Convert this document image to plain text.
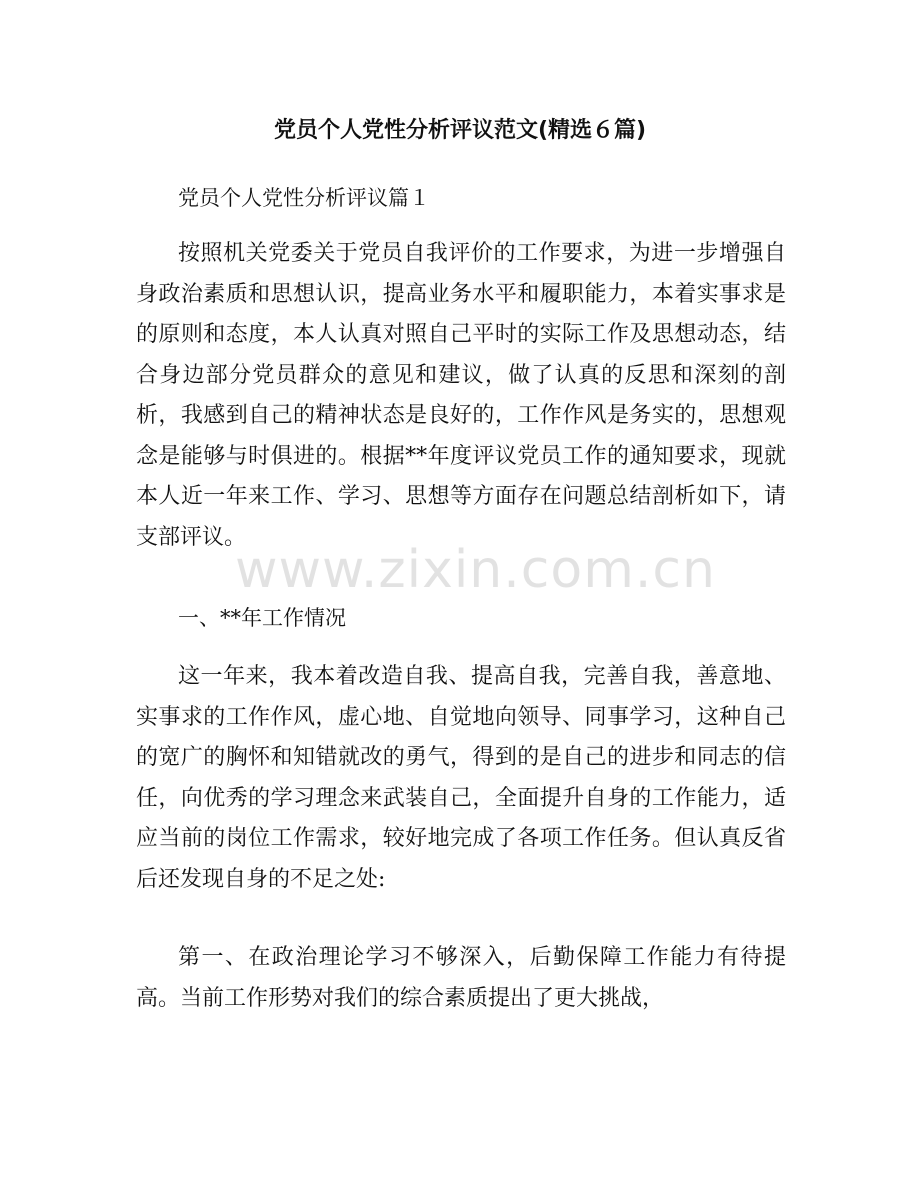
党员个人党性分析评议范文(精选６篇)

党员个人党性分析评议篇１

按照机关党委关于党员自我评价的工作要求，为进一步增强自身政治素质和思想认识，提高业务水平和履职能力，本着实事求是的原则和态度，本人认真对照自己平时的实际工作及思想动态，结合身边部分党员群众的意见和建议，做了认真的反思和深刻的剖析，我感到自己的精神状态是良好的，工作作风是务实的，思想观念是能够与时俱进的。根据**年度评议党员工作的通知要求，现就本人近一年来工作、学习、思想等方面存在问题总结剖析如下，请支部评议。

一、**年工作情况

这一年来，我本着改造自我、提高自我，完善自我，善意地、实事求的工作作风，虚心地、自觉地向领导、同事学习，这种自己的宽广的胸怀和知错就改的勇气，得到的是自己的进步和同志的信任，向优秀的学习理念来武装自己，全面提升自身的工作能力，适应当前的岗位工作需求，较好地完成了各项工作任务。但认真反省后还发现自身的不足之处:

第一、在政治理论学习不够深入，后勤保障工作能力有待提高。当前工作形势对我们的综合素质提出了更大挑战，

www.zixin.com.cn
